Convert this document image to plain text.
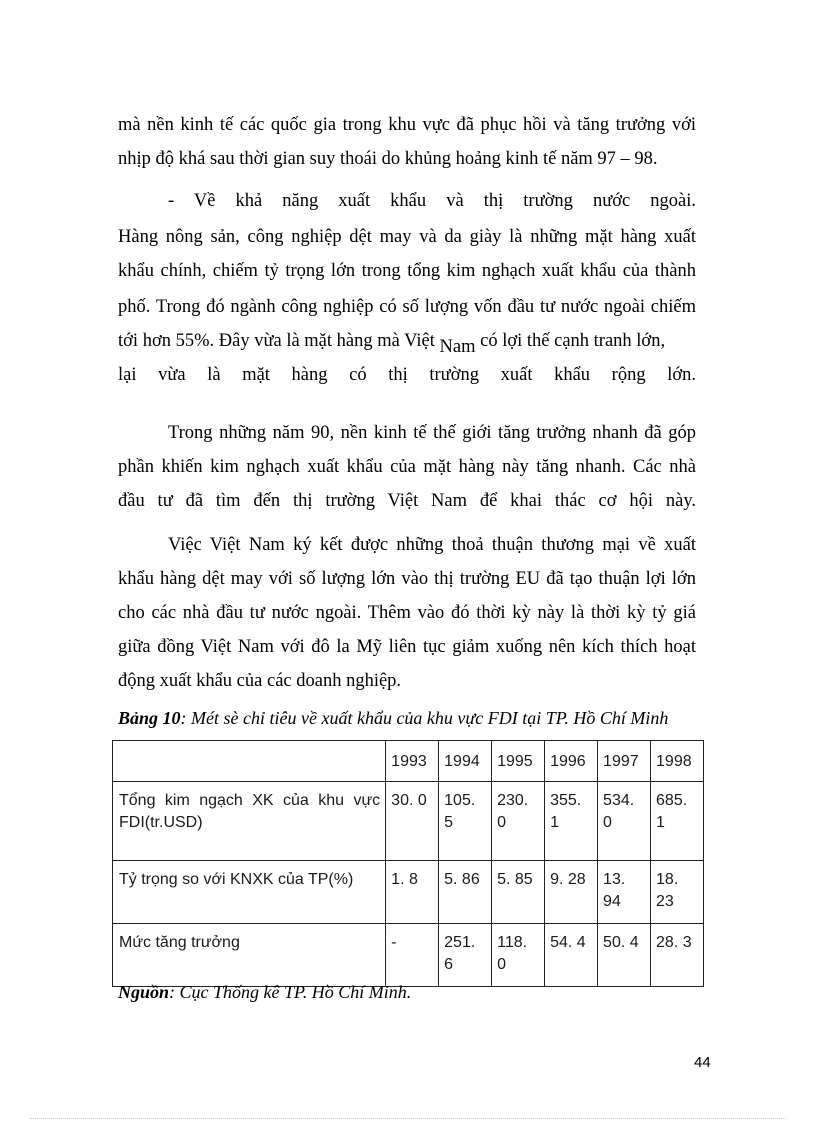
mà nền kinh tế các quốc gia trong khu vực đã phục hồi và tăng trưởng với
nhịp độ khá sau thời gian suy thoái do khủng hoảng kinh tế năm 97 – 98.
- Về khả năng xuất khẩu và thị trường nước ngoài.
Hàng nông sản, công nghiệp dệt may và da giày là những mặt hàng xuất
khẩu chính, chiếm tỷ trọng lớn trong tổng kim nghạch xuất khẩu của thành
phố. Trong đó ngành công nghiệp có số lượng vốn đầu tư nước ngoài chiếm
tới hơn 55%. Đây vừa là mặt hàng mà Việt Nam có lợi thế cạnh tranh lớn,
lại vừa là mặt hàng có thị trường xuất khẩu rộng lớn.
Trong những năm 90, nền kinh tế thế giới tăng trưởng nhanh đã góp
phần khiến kim nghạch xuất khẩu của mặt hàng này tăng nhanh. Các nhà
đầu tư đã tìm đến thị trường Việt Nam để khai thác cơ hội này.
Việc Việt Nam ký kết được những thoả thuận thương mại về xuất
khẩu hàng dệt may với số lượng lớn vào thị trường EU đã tạo thuận lợi lớn
cho các nhà đầu tư nước ngoài. Thêm vào đó thời kỳ này là thời kỳ tỷ giá
giữa đồng Việt Nam với đô la Mỹ liên tục giảm xuống nên kích thích hoạt
động xuất khẩu của các doanh nghiệp.
Bảng 10: Mét sè chỉ tiêu về xuất khẩu của khu vực FDI tại TP. Hồ Chí Minh
	1993	1994	1995	1996	1997	1998
Tổng kim ngạch XK của khu vực FDI(tr.USD)	30. 0	105. 5	230. 0	355. 1	534. 0	685. 1
Tỷ trọng so với KNXK của TP(%)	1. 8	5. 86	5. 85	9. 28	13. 94	18. 23
Mức tăng trưởng	-	251. 6	118. 0	54. 4	50. 4	28. 3
Nguồn: Cục Thống kê TP. Hồ Chí Minh.
44
